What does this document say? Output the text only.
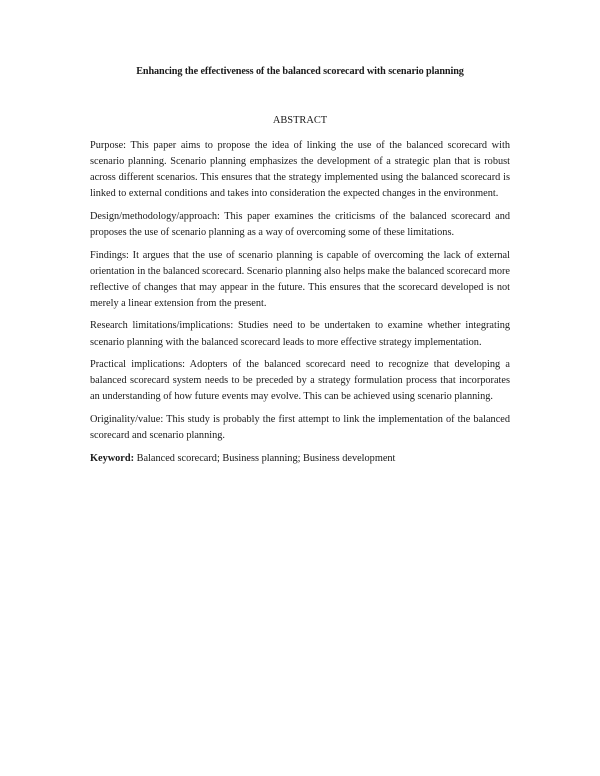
Enhancing the effectiveness of the balanced scorecard with scenario planning
ABSTRACT

Purpose: This paper aims to propose the idea of linking the use of the balanced scorecard with scenario planning. Scenario planning emphasizes the development of a strategic plan that is robust across different scenarios. This ensures that the strategy implemented using the balanced scorecard is linked to external conditions and takes into consideration the expected changes in the environment.

Design/methodology/approach: This paper examines the criticisms of the balanced scorecard and proposes the use of scenario planning as a way of overcoming some of these limitations.

Findings: It argues that the use of scenario planning is capable of overcoming the lack of external orientation in the balanced scorecard. Scenario planning also helps make the balanced scorecard more reflective of changes that may appear in the future. This ensures that the scorecard developed is not merely a linear extension from the present.

Research limitations/implications: Studies need to be undertaken to examine whether integrating scenario planning with the balanced scorecard leads to more effective strategy implementation.

Practical implications: Adopters of the balanced scorecard need to recognize that developing a balanced scorecard system needs to be preceded by a strategy formulation process that incorporates an understanding of how future events may evolve. This can be achieved using scenario planning.

Originality/value: This study is probably the first attempt to link the implementation of the balanced scorecard and scenario planning.

Keyword: Balanced scorecard; Business planning; Business development
